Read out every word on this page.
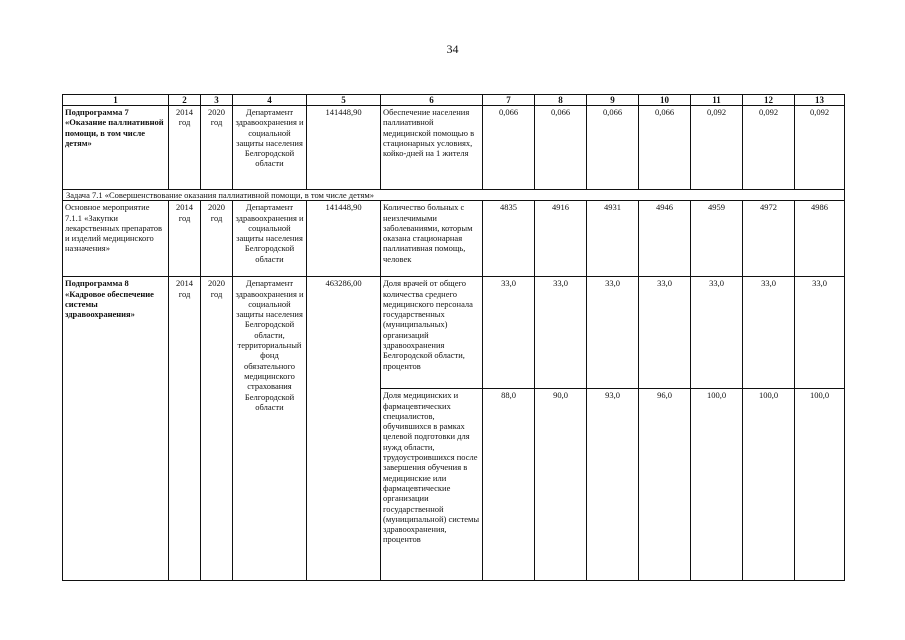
34
1	2	3	4	5	6	7	8	9	10	11	12	13
Подпрограмма 7 «Оказание паллиативной помощи, в том числе детям»	2014 год	2020 год	Департамент здравоохранения и социальной защиты населения Белгородской области	141448,90	Обеспечение населения паллиативной медицинской помощью в стационарных условиях, койко-дней на 1 жителя	0,066	0,066	0,066	0,066	0,092	0,092	0,092
Задача 7.1 «Совершенствование оказания паллиативной помощи, в том числе детям»												
Основное мероприятие 7.1.1 «Закупки лекарственных препаратов и изделий медицинского назначения»	2014 год	2020 год	Департамент здравоохранения и социальной защиты населения Белгородской области	141448,90	Количество больных с неизлечимыми заболеваниями, которым оказана стационарная паллиативная помощь, человек	4835	4916	4931	4946	4959	4972	4986
Подпрограмма 8 «Кадровое обеспечение системы здравоохранения»	2014 год	2020 год	Департамент здравоохранения и социальной защиты населения Белгородской области, территориальный фонд обязательного медицинского страхования Белгородской области	463286,00	Доля врачей от общего количества среднего медицинского персонала государственных (муниципальных) организаций здравоохранения Белгородской области, процентов	33,0	33,0	33,0	33,0	33,0	33,0	33,0
					Доля медицинских и фармацевтических специалистов, обучившихся в рамках целевой подготовки для нужд области, трудоустроившихся после завершения обучения в медицинские или фармацевтические организации государственной (муниципальной) системы здравоохранения, процентов	88,0	90,0	93,0	96,0	100,0	100,0	100,0
